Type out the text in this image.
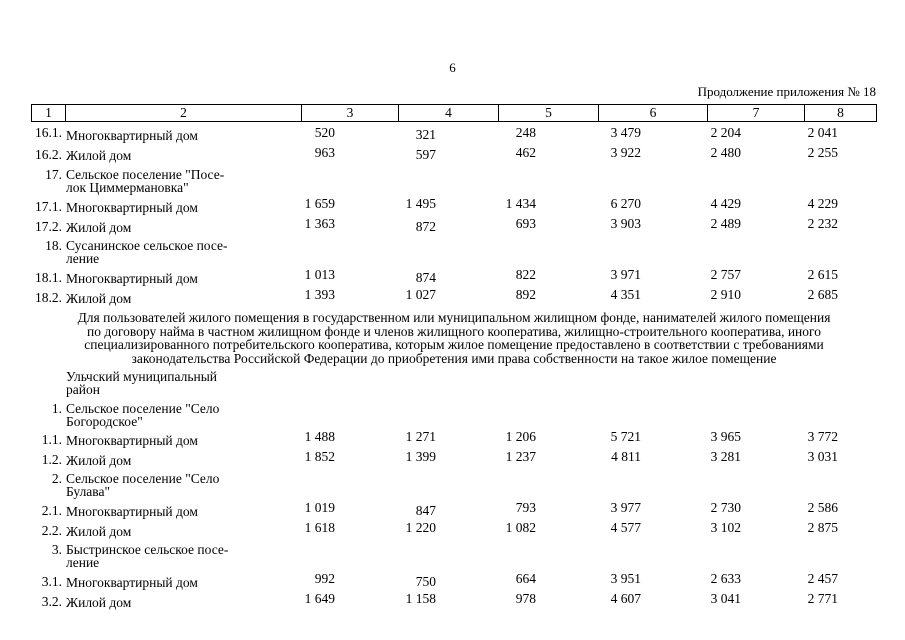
6
Продолжение приложения № 18
1	2	3	4	5	6	7	8
16.1. Многоквартирный дом	520	321	248	3 479	2 204	2 041
16.2. Жилой дом	963	597	462	3 922	2 480	2 255
17. Сельское поселение "Посе-
лок Циммермановка"
17.1. Многоквартирный дом	1 659	1 495	1 434	6 270	4 429	4 229
17.2. Жилой дом	1 363	872	693	3 903	2 489	2 232
18. Сусанинское сельское посе-
ление
18.1. Многоквартирный дом	1 013	874	822	3 971	2 757	2 615
18.2. Жилой дом	1 393	1 027	892	4 351	2 910	2 685
Для пользователей жилого помещения в государственном или муниципальном жилищном фонде, нанимателей жилого помещения
по договору найма в частном жилищном фонде и членов жилищного кооператива, жилищно-строительного кооператива, иного
специализированного потребительского кооператива, которым жилое помещение предоставлено в соответствии с требованиями
законодательства Российской Федерации до приобретения ими права собственности на такое жилое помещение
Ульчский муниципальный
район
1. Сельское поселение "Село
Богородское"
1.1. Многоквартирный дом	1 488	1 271	1 206	5 721	3 965	3 772
1.2. Жилой дом	1 852	1 399	1 237	4 811	3 281	3 031
2. Сельское поселение "Село
Булава"
2.1. Многоквартирный дом	1 019	847	793	3 977	2 730	2 586
2.2. Жилой дом	1 618	1 220	1 082	4 577	3 102	2 875
3. Быстринское сельское посе-
ление
3.1. Многоквартирный дом	992	750	664	3 951	2 633	2 457
3.2. Жилой дом	1 649	1 158	978	4 607	3 041	2 771
